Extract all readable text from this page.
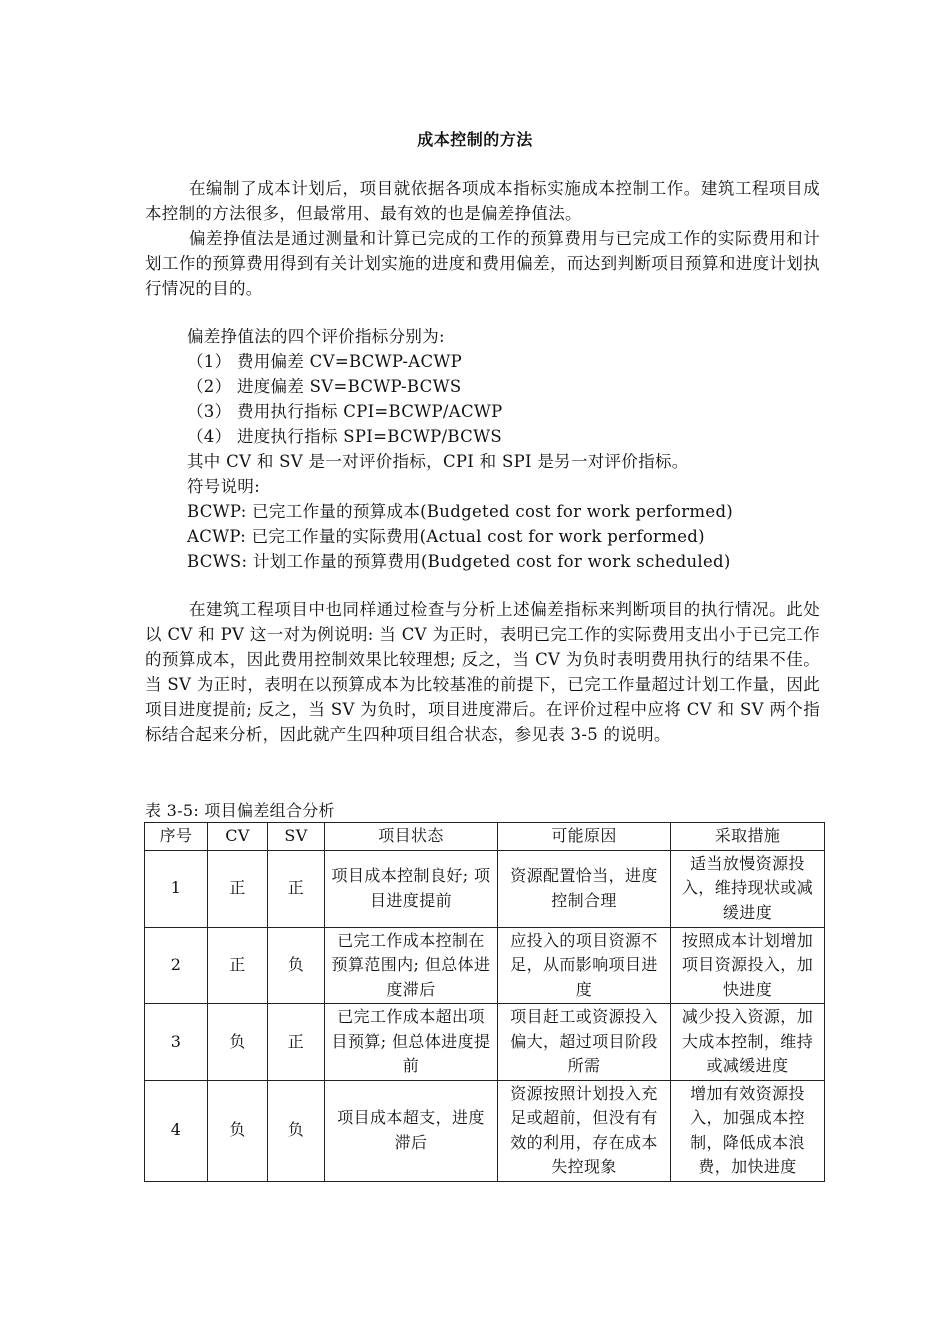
成本控制的方法

在编制了成本计划后，项目就依据各项成本指标实施成本控制工作。建筑工程项目成本控制的方法很多，但最常用、最有效的也是偏差挣值法。

偏差挣值法是通过测量和计算已完成的工作的预算费用与已完成工作的实际费用和计划工作的预算费用得到有关计划实施的进度和费用偏差，而达到判断项目预算和进度计划执行情况的目的。

偏差挣值法的四个评价指标分别为:
（1） 费用偏差 CV=BCWP-ACWP
（2） 进度偏差 SV=BCWP-BCWS
（3） 费用执行指标 CPI=BCWP/ACWP
（4） 进度执行指标 SPI=BCWP/BCWS
其中 CV 和 SV 是一对评价指标，CPI 和 SPI 是另一对评价指标。
符号说明:
BCWP: 已完工作量的预算成本(Budgeted cost for work performed)
ACWP: 已完工作量的实际费用(Actual cost for work performed)
BCWS: 计划工作量的预算费用(Budgeted cost for work scheduled)

在建筑工程项目中也同样通过检查与分析上述偏差指标来判断项目的执行情况。此处以 CV 和 PV 这一对为例说明: 当 CV 为正时，表明已完工作的实际费用支出小于已完工作的预算成本，因此费用控制效果比较理想; 反之，当 CV 为负时表明费用执行的结果不佳。当 SV 为正时，表明在以预算成本为比较基准的前提下，已完工作量超过计划工作量，因此项目进度提前; 反之，当 SV 为负时，项目进度滞后。在评价过程中应将 CV 和 SV 两个指标结合起来分析，因此就产生四种项目组合状态，参见表 3-5 的说明。

表 3-5: 项目偏差组合分析
序号	CV	SV	项目状态	可能原因	采取措施
1	正	正	项目成本控制良好; 项目进度提前	资源配置恰当，进度控制合理	适当放慢资源投入，维持现状或减缓进度
2	正	负	已完工作成本控制在预算范围内; 但总体进度滞后	应投入的项目资源不足，从而影响项目进度	按照成本计划增加项目资源投入，加快进度
3	负	正	已完工作成本超出项目预算; 但总体进度提前	项目赶工或资源投入偏大，超过项目阶段所需	减少投入资源，加大成本控制，维持或减缓进度
4	负	负	项目成本超支，进度滞后	资源按照计划投入充足或超前，但没有有效的利用，存在成本失控现象	增加有效资源投入，加强成本控制，降低成本浪费，加快进度
